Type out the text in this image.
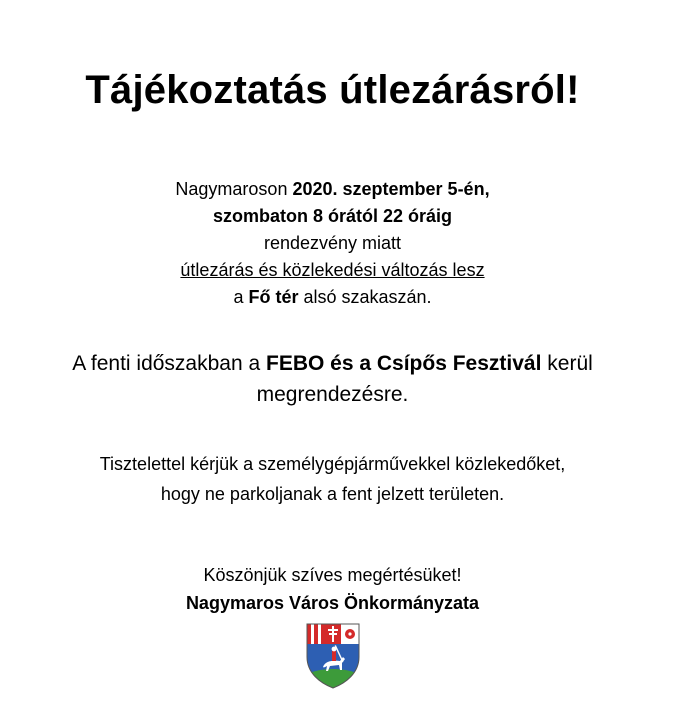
Tájékoztatás útlezárásról!
Nagymaroson 2020. szeptember 5-én,
szombaton 8 órától 22 óráig
rendezvény miatt
útlezárás és közlekedési változás lesz
a Fő tér alsó szakaszán.
A fenti időszakban a FEBO és a Csípős Fesztivál kerül
megrendezésre.
Tisztelettel kérjük a személygépjárművekkel közlekedőket,
hogy ne parkoljanak a fent jelzett területen.
Köszönjük szíves megértésüket!
Nagymaros Város Önkormányzata
